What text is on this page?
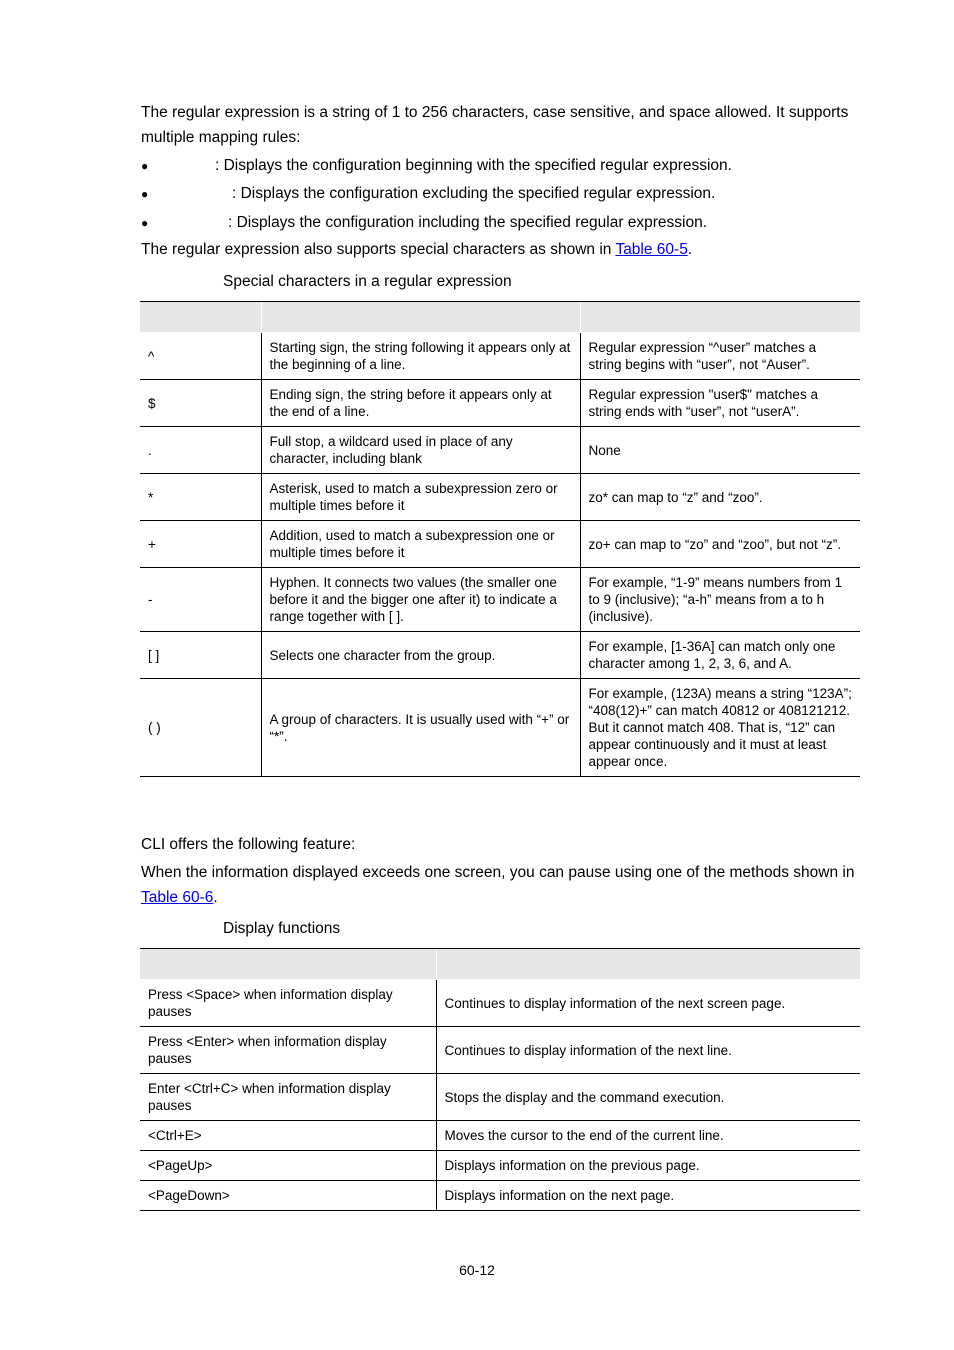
The regular expression is a string of 1 to 256 characters, case sensitive, and space allowed. It supports multiple mapping rules:

●	: Displays the configuration beginning with the specified regular expression.
●	: Displays the configuration excluding the specified regular expression.
●	: Displays the configuration including the specified regular expression.

The regular expression also supports special characters as shown in Table 60-5.

Special characters in a regular expression

^	Starting sign, the string following it appears only at the beginning of a line.	Regular expression “^user” matches a string begins with “user”, not “Auser”.
$	Ending sign, the string before it appears only at the end of a line.	Regular expression "user$" matches a string ends with “user”, not “userA”.
.	Full stop, a wildcard used in place of any character, including blank	None
*	Asterisk, used to match a subexpression zero or multiple times before it	zo* can map to “z” and “zoo”.
+	Addition, used to match a subexpression one or multiple times before it	zo+ can map to “zo” and “zoo”, but not “z”.
-	Hyphen. It connects two values (the smaller one before it and the bigger one after it) to indicate a range together with [ ].	For example, “1-9” means numbers from 1 to 9 (inclusive); “a-h” means from a to h (inclusive).
[ ]	Selects one character from the group.	For example, [1-36A] can match only one character among 1, 2, 3, 6, and A.
( )	A group of characters. It is usually used with “+” or “*”.	For example, (123A) means a string “123A”; “408(12)+” can match 40812 or 408121212. But it cannot match 408. That is, “12” can appear continuously and it must at least appear once.

CLI offers the following feature:

When the information displayed exceeds one screen, you can pause using one of the methods shown in Table 60-6.

Display functions

Press <Space> when information display pauses	Continues to display information of the next screen page.
Press <Enter> when information display pauses	Continues to display information of the next line.
Enter <Ctrl+C> when information display pauses	Stops the display and the command execution.
<Ctrl+E>	Moves the cursor to the end of the current line.
<PageUp>	Displays information on the previous page.
<PageDown>	Displays information on the next page.
60-12
